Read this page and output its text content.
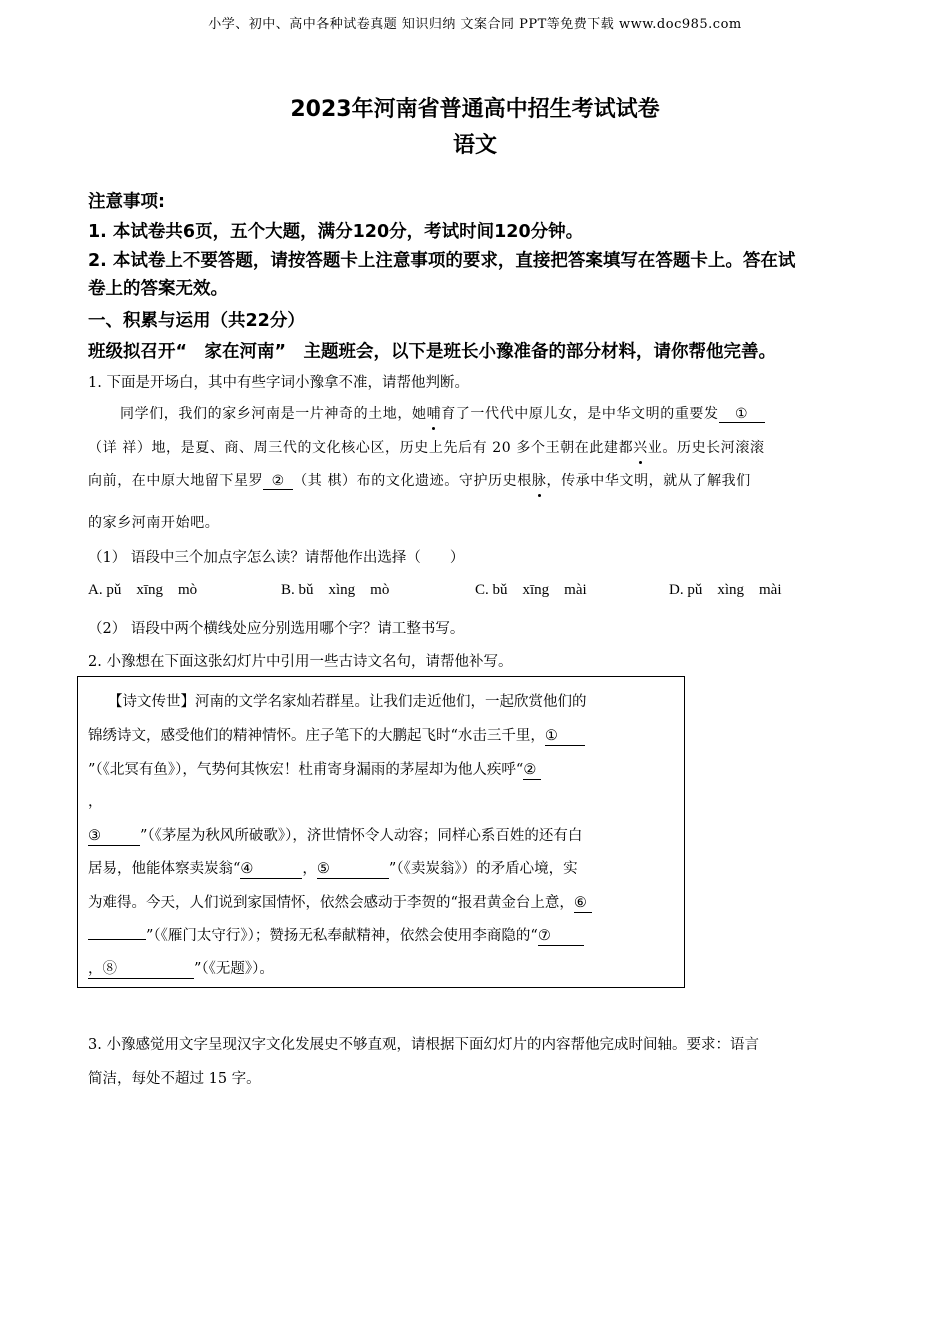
小学、初中、高中各种试卷真题 知识归纳 文案合同 PPT等免费下载 www.doc985.com
2023年河南省普通高中招生考试试卷
语文
注意事项:
1. 本试卷共6页，五个大题，满分120分，考试时间120分钟。
2. 本试卷上不要答题，请按答题卡上注意事项的要求，直接把答案填写在答题卡上。答在试
卷上的答案无效。
一、积累与运用（共22分）
班级拟召开“　家在河南”　主题班会，以下是班长小豫准备的部分材料，请你帮他完善。
1. 下面是开场白，其中有些字词小豫拿不准，请帮他判断。
同学们，我们的家乡河南是一片神奇的土地，她哺育了一代代中原儿女，是中华文明的重要发 ①
（详 祥）地，是夏、商、周三代的文化核心区，历史上先后有 20 多个王朝在此建都兴业。历史长河滚滚
向前，在中原大地留下星罗 ② （其 棋）布的文化遗迹。守护历史根脉，传承中华文明，就从了解我们
的家乡河南开始吧。
（1） 语段中三个加点字怎么读？请帮他作出选择（　　）
A. pǔ　xīng　mò	B. bǔ　xìng　mò	C. bǔ　xīng　mài	D. pǔ　xìng　mài
（2） 语段中两个横线处应分别选用哪个字？请工整书写。
2. 小豫想在下面这张幻灯片中引用一些古诗文名句，请帮他补写。
【诗文传世】河南的文学名家灿若群星。让我们走近他们，一起欣赏他们的
锦绣诗文，感受他们的精神情怀。庄子笔下的大鹏起飞时“水击三千里，①
”（《北冥有鱼》），气势何其恢宏！杜甫寄身漏雨的茅屋却为他人疾呼“②
，
③	”（《茅屋为秋风所破歌》），济世情怀令人动容；同样心系百姓的还有白
居易，他能体察卖炭翁“④	，⑤	”（《卖炭翁》）的矛盾心境，实
为难得。今天，人们说到家国情怀，依然会感动于李贺的“报君黄金台上意，⑥
”（《雁门太守行》）；赞扬无私奉献精神，依然会使用李商隐的“⑦
，⑧	”（《无题》）。
3. 小豫感觉用文字呈现汉字文化发展史不够直观，请根据下面幻灯片的内容帮他完成时间轴。要求：语言
简洁，每处不超过 15 字。
